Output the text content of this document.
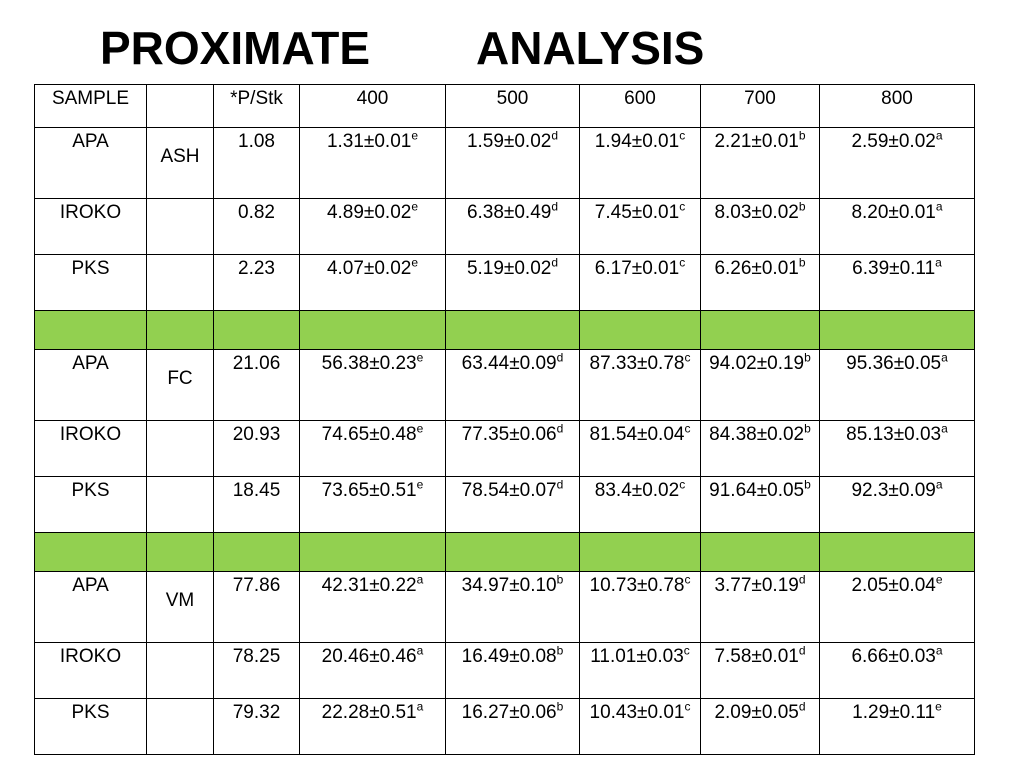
PROXIMATE ANALYSIS
SAMPLE		*P/Stk	400	500	600	700	800
APA	ASH	1.08	1.31±0.01$^e$	1.59±0.02$^d$	1.94±0.01$^c$	2.21±0.01$^b$	2.59±0.02$^a$
IROKO		0.82	4.89±0.02$^e$	6.38±0.49$^d$	7.45±0.01$^c$	8.03±0.02$^b$	8.20±0.01$^a$
PKS		2.23	4.07±0.02$^e$	5.19±0.02$^d$	6.17±0.01$^c$	6.26±0.01$^b$	6.39±0.11$^a$

APA	FC	21.06	56.38±0.23$^e$	63.44±0.09$^d$	87.33±0.78$^c$	94.02±0.19$^b$	95.36±0.05$^a$
IROKO		20.93	74.65±0.48$^e$	77.35±0.06$^d$	81.54±0.04$^c$	84.38±0.02$^b$	85.13±0.03$^a$
PKS		18.45	73.65±0.51$^e$	78.54±0.07$^d$	83.4±0.02$^c$	91.64±0.05$^b$	92.3±0.09$^a$

APA	VM	77.86	42.31±0.22$^a$	34.97±0.10$^b$	10.73±0.78$^c$	3.77±0.19$^d$	2.05±0.04$^e$
IROKO		78.25	20.46±0.46$^a$	16.49±0.08$^b$	11.01±0.03$^c$	7.58±0.01$^d$	6.66±0.03$^a$
PKS		79.32	22.28±0.51$^a$	16.27±0.06$^b$	10.43±0.01$^c$	2.09±0.05$^d$	1.29±0.11$^e$
